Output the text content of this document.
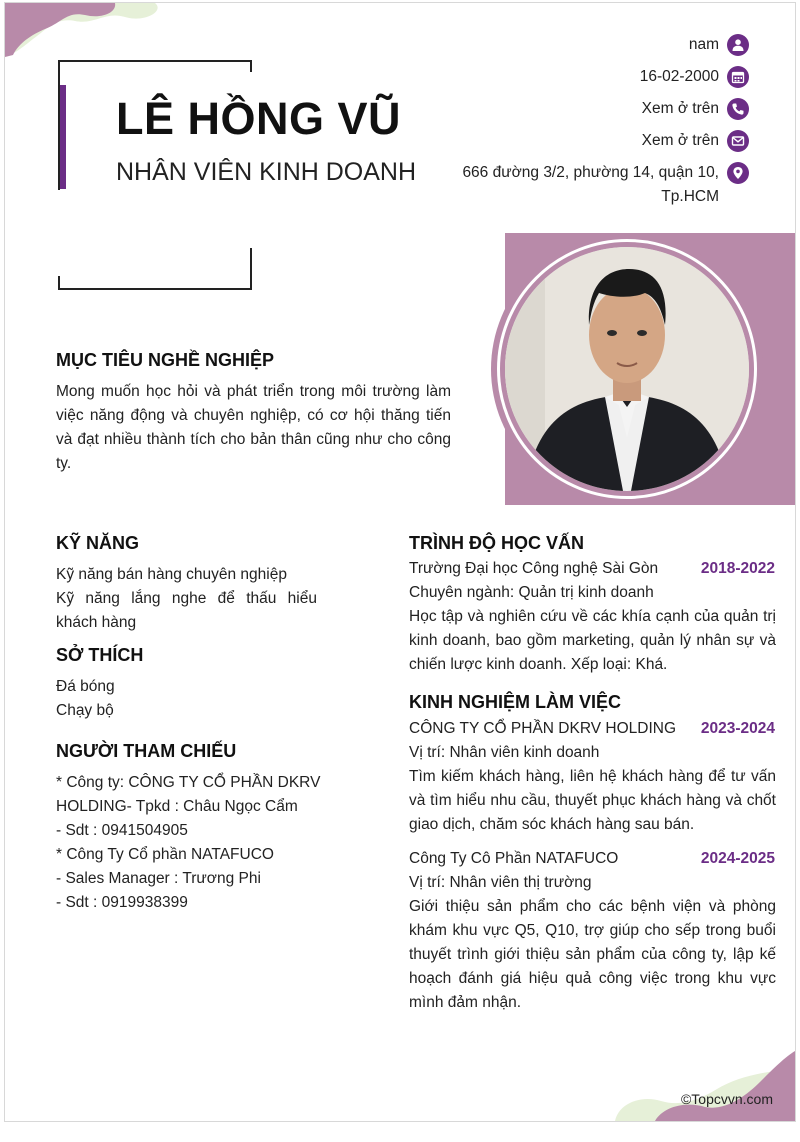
LÊ HỒNG VŨ
NHÂN VIÊN KINH DOANH
nam
16-02-2000
Xem ở trên
Xem ở trên
666 đường 3/2, phường 14, quận 10,
Tp.HCM
MỤC TIÊU NGHỀ NGHIỆP
Mong muốn học hỏi và phát triển trong môi trường làm việc năng động và chuyên nghiệp, có cơ hội thăng tiến và đạt nhiều thành tích cho bản thân cũng như cho công ty.
KỸ NĂNG
Kỹ năng bán hàng chuyên nghiệp
Kỹ năng lắng nghe để thấu hiểu khách hàng
SỞ THÍCH
Đá bóng
Chạy bộ
NGƯỜI THAM CHIẾU
* Công ty: CÔNG TY CỔ PHẦN DKRV
HOLDING- Tpkd : Châu Ngọc Cẩm
- Sdt : 0941504905
* Công Ty Cổ phần NATAFUCO
- Sales Manager : Trương Phi
- Sdt : 0919938399
TRÌNH ĐỘ HỌC VẤN
Trường Đại học Công nghệ Sài Gòn	2018-2022
Chuyên ngành: Quản trị kinh doanh
Học tập và nghiên cứu về các khía cạnh của quản trị kinh doanh, bao gồm marketing, quản lý nhân sự và chiến lược kinh doanh. Xếp loại: Khá.
KINH NGHIỆM LÀM VIỆC
CÔNG TY CỔ PHẦN DKRV HOLDING 2023-2024
Vị trí: Nhân viên kinh doanh
Tìm kiếm khách hàng, liên hệ khách hàng để tư vấn và tìm hiểu nhu cầu, thuyết phục khách hàng và chốt giao dịch, chăm sóc khách hàng sau bán.
Công Ty Cô Phần NATAFUCO	2024-2025
Vị trí: Nhân viên thị trường
Giới thiệu sản phẩm cho các bệnh viện và phòng khám khu vực Q5, Q10, trợ giúp cho sếp trong buổi thuyết trình giới thiệu sản phẩm của công ty, lập kế hoạch đánh giá hiệu quả công việc trong khu vực mình đảm nhận.
©Topcvvn.com
